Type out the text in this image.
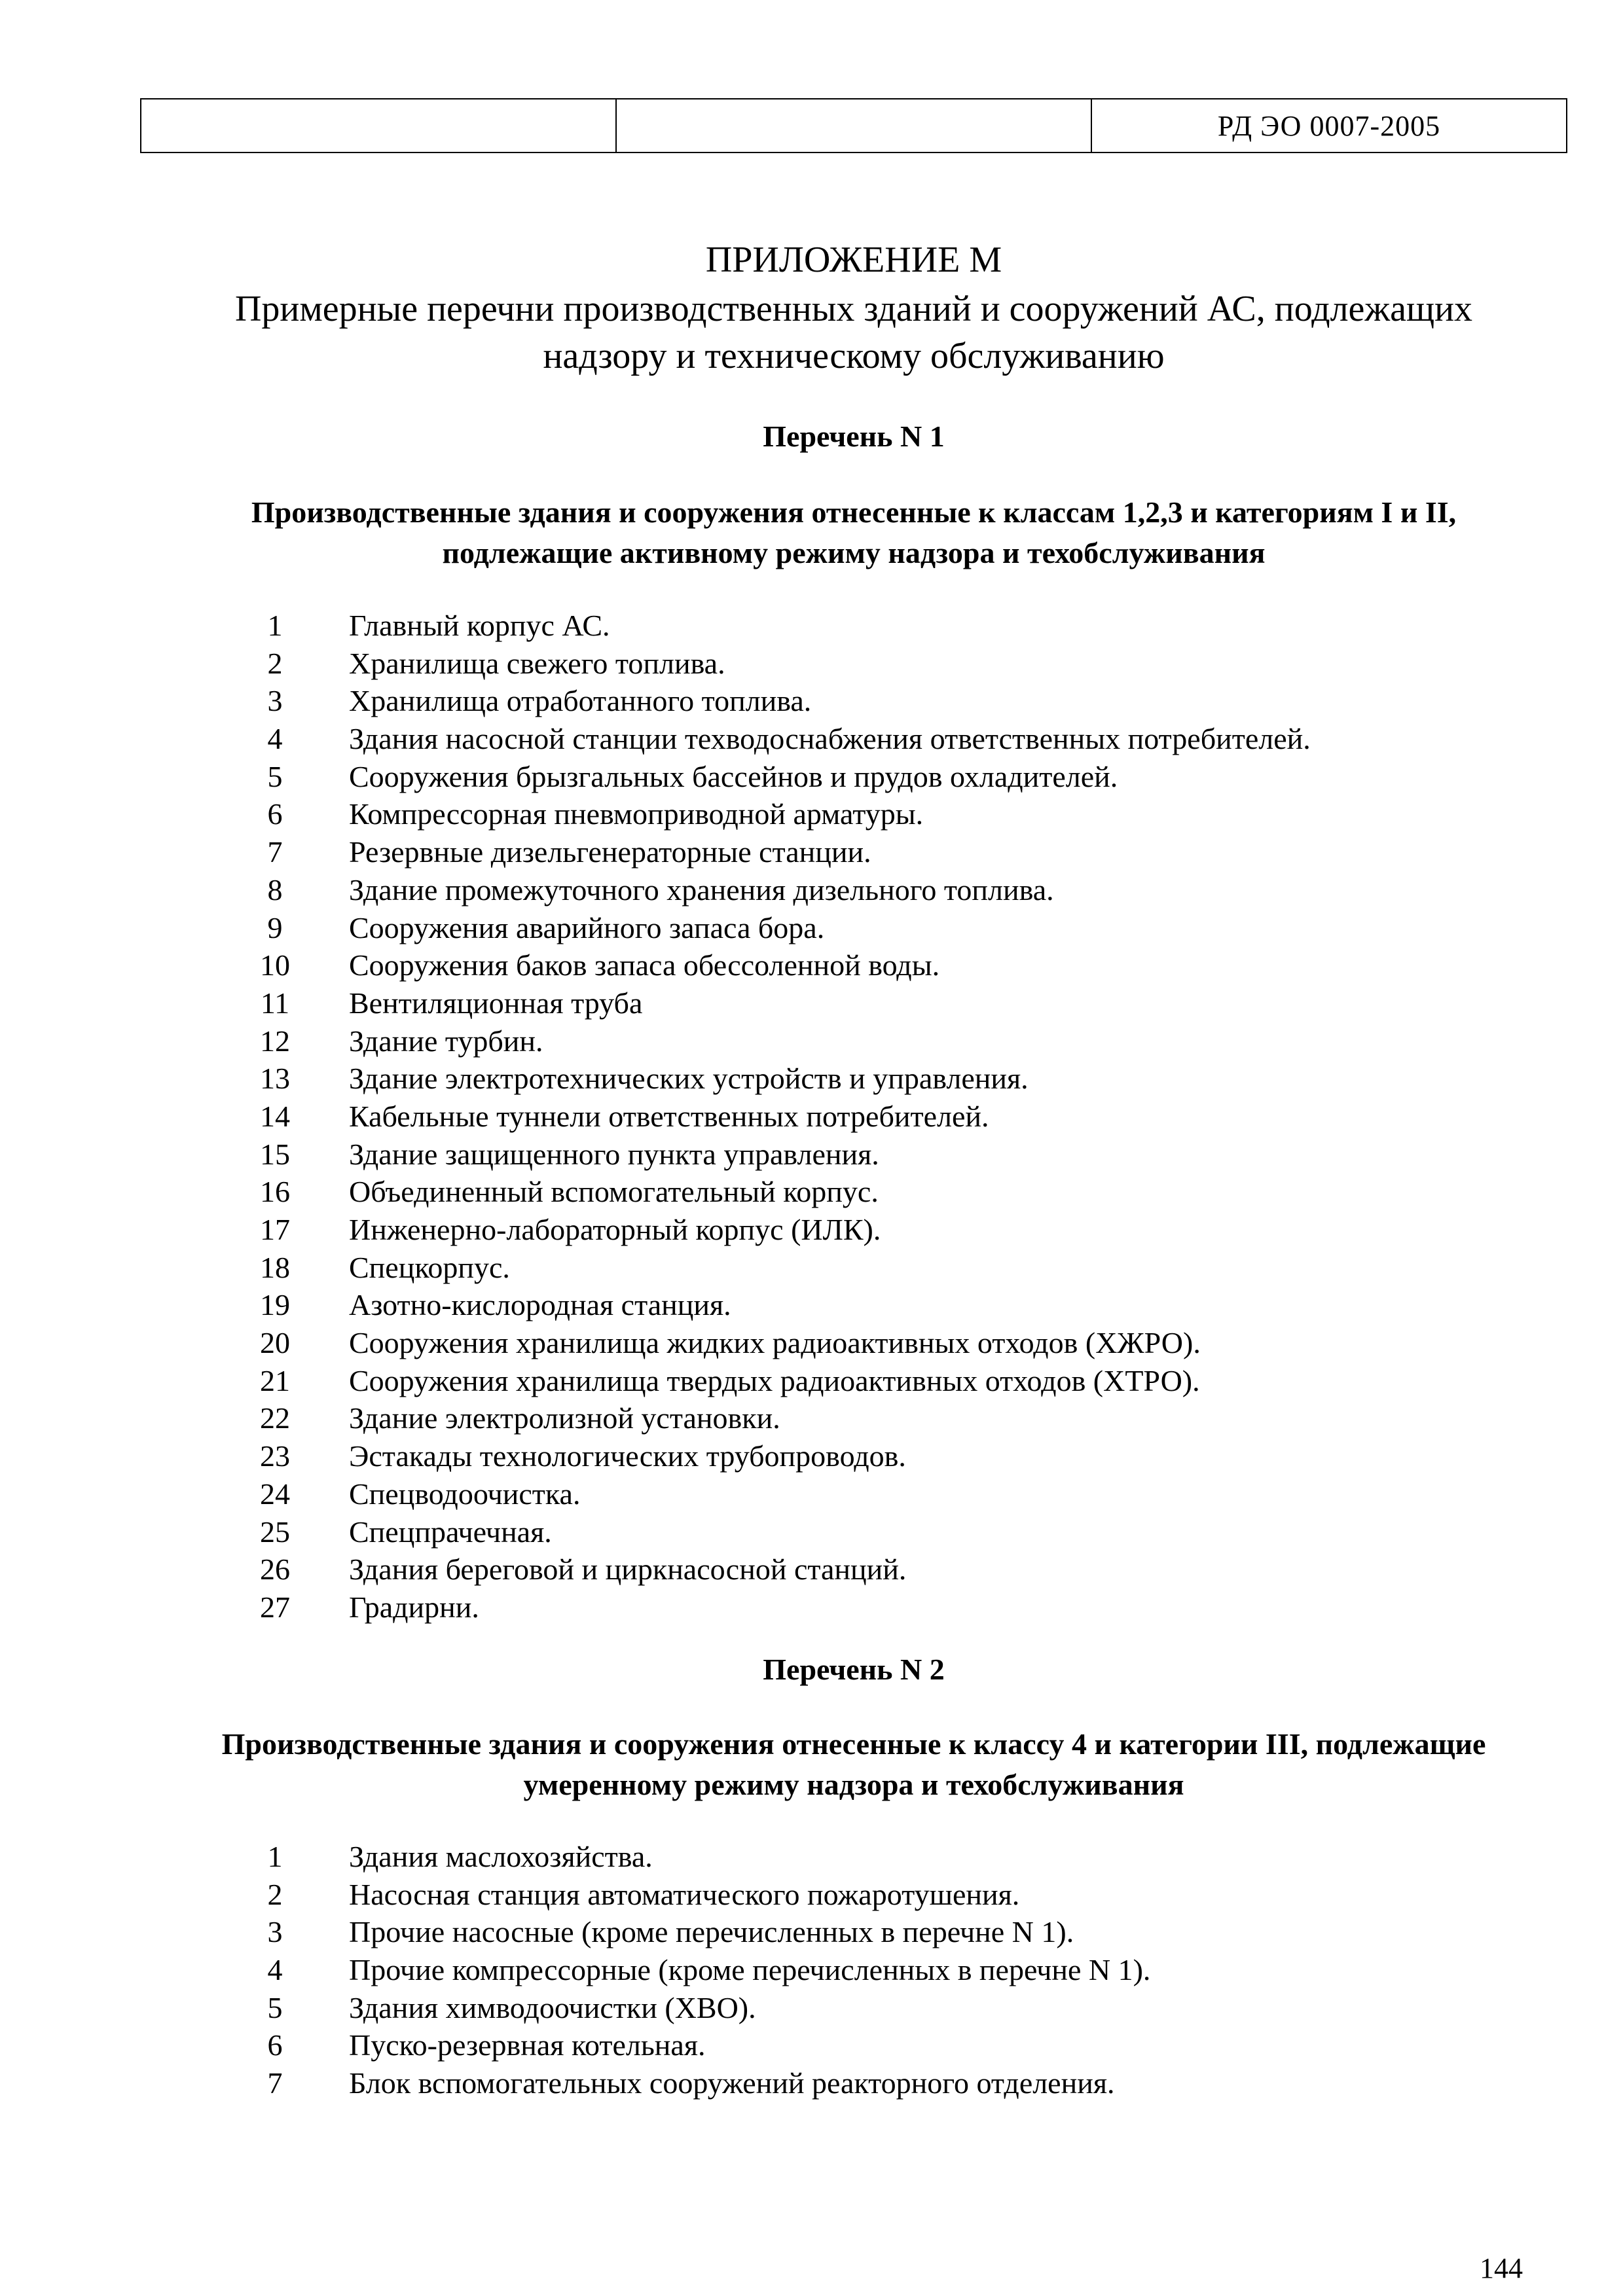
		РД ЭО 0007-2005
ПРИЛОЖЕНИЕ М
Примерные перечни производственных зданий и сооружений АС, подлежащих
надзору и техническому обслуживанию
Перечень N 1
Производственные здания и сооружения отнесенные к классам 1,2,3 и категориям I и II,
подлежащие активному режиму надзора и техобслуживания
1	Главный корпус АС.
2	Хранилища свежего топлива.
3	Хранилища отработанного топлива.
4	Здания насосной станции техводоснабжения ответственных потребителей.
5	Сооружения брызгальных бассейнов и прудов охладителей.
6	Компрессорная пневмоприводной арматуры.
7	Резервные дизельгенераторные станции.
8	Здание промежуточного хранения дизельного топлива.
9	Сооружения аварийного запаса бора.
10	Сооружения баков запаса обессоленной воды.
11	Вентиляционная труба
12	Здание турбин.
13	Здание электротехнических устройств и управления.
14	Кабельные туннели ответственных потребителей.
15	Здание защищенного пункта управления.
16	Объединенный вспомогательный корпус.
17	Инженерно-лабораторный корпус (ИЛК).
18	Спецкорпус.
19	Азотно-кислородная станция.
20	Сооружения хранилища жидких радиоактивных отходов (ХЖРО).
21	Сооружения хранилища твердых радиоактивных отходов (ХТРО).
22	Здание электролизной установки.
23	Эстакады технологических трубопроводов.
24	Спецводоочистка.
25	Спецпрачечная.
26	Здания береговой и циркнасосной станций.
27	Градирни.
Перечень N 2
Производственные здания и сооружения отнесенные к классу 4 и категории III, подлежащие
умеренному режиму надзора и техобслуживания
1	Здания маслохозяйства.
2	Насосная станция автоматического пожаротушения.
3	Прочие насосные (кроме перечисленных в перечне N 1).
4	Прочие компрессорные (кроме перечисленных в перечне N 1).
5	Здания химводоочистки (ХВО).
6	Пуско-резервная котельная.
7	Блок вспомогательных сооружений реакторного отделения.
144
